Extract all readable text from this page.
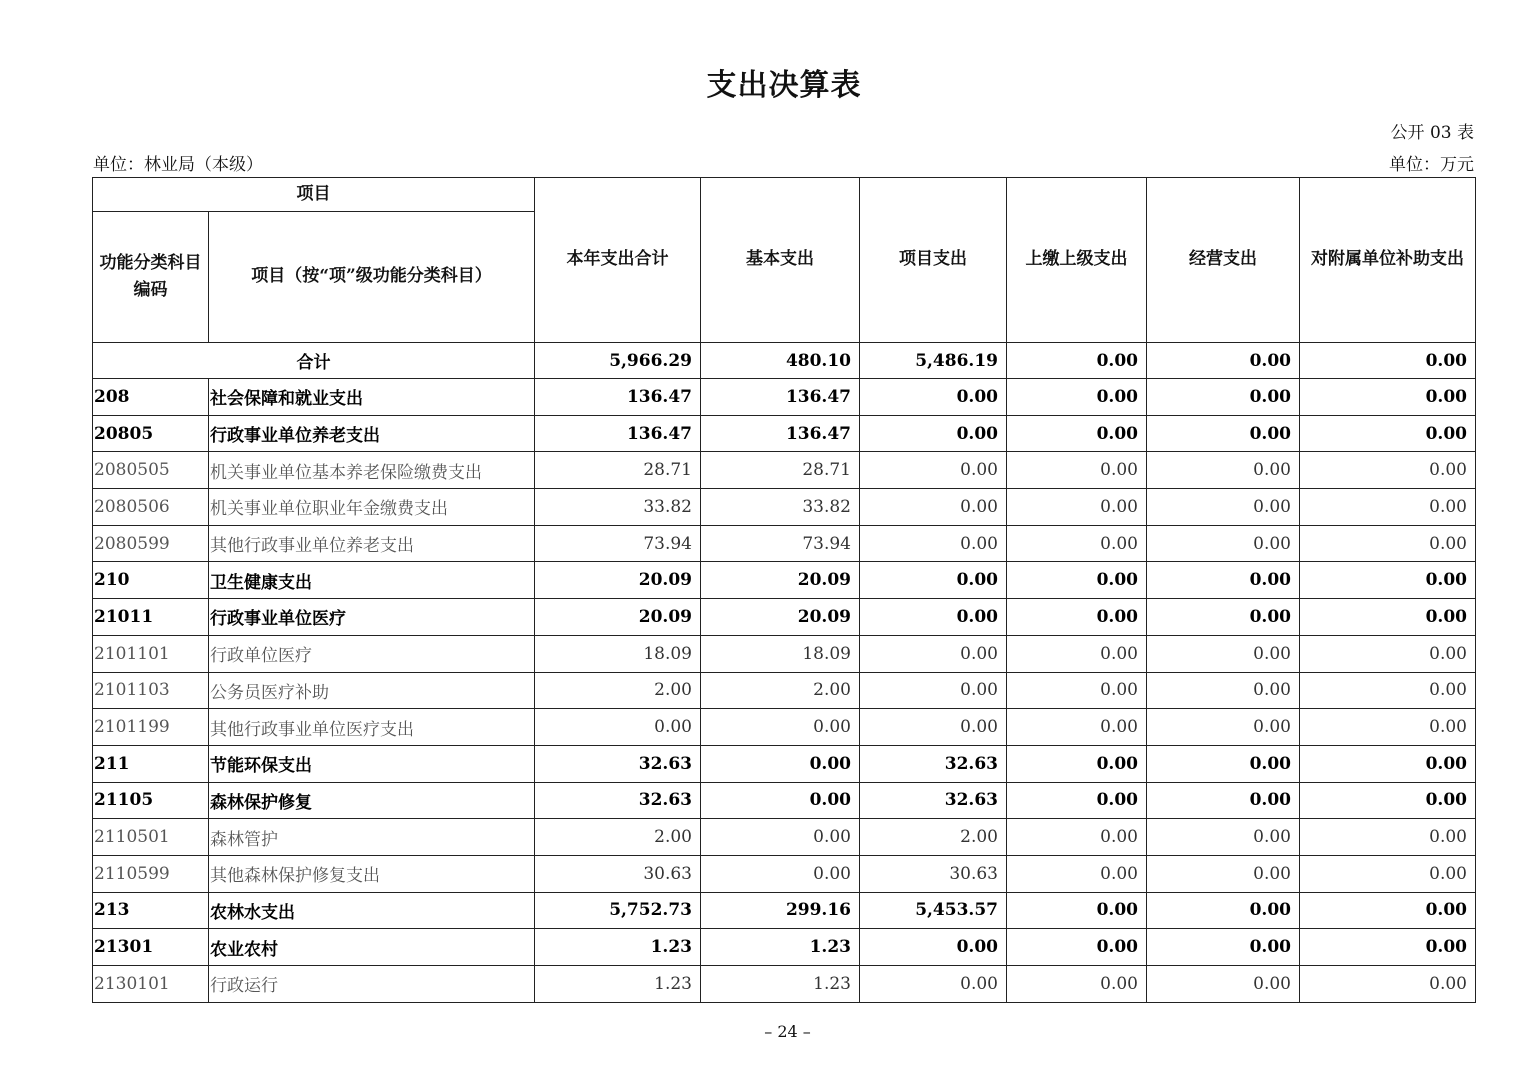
支出决算表
公开 03 表
单位：林业局（本级）	单位：万元
项目		本年支出合计	基本支出	项目支出	上缴上级支出	经营支出	对附属单位补助支出
功能分类科目编码	项目（按“项”级功能分类科目）						
合计		5,966.29	480.10	5,486.19	0.00	0.00	0.00
208	社会保障和就业支出	136.47	136.47	0.00	0.00	0.00	0.00
20805	行政事业单位养老支出	136.47	136.47	0.00	0.00	0.00	0.00
2080505	机关事业单位基本养老保险缴费支出	28.71	28.71	0.00	0.00	0.00	0.00
2080506	机关事业单位职业年金缴费支出	33.82	33.82	0.00	0.00	0.00	0.00
2080599	其他行政事业单位养老支出	73.94	73.94	0.00	0.00	0.00	0.00
210	卫生健康支出	20.09	20.09	0.00	0.00	0.00	0.00
21011	行政事业单位医疗	20.09	20.09	0.00	0.00	0.00	0.00
2101101	行政单位医疗	18.09	18.09	0.00	0.00	0.00	0.00
2101103	公务员医疗补助	2.00	2.00	0.00	0.00	0.00	0.00
2101199	其他行政事业单位医疗支出	0.00	0.00	0.00	0.00	0.00	0.00
211	节能环保支出	32.63	0.00	32.63	0.00	0.00	0.00
21105	森林保护修复	32.63	0.00	32.63	0.00	0.00	0.00
2110501	森林管护	2.00	0.00	2.00	0.00	0.00	0.00
2110599	其他森林保护修复支出	30.63	0.00	30.63	0.00	0.00	0.00
213	农林水支出	5,752.73	299.16	5,453.57	0.00	0.00	0.00
21301	农业农村	1.23	1.23	0.00	0.00	0.00	0.00
2130101	行政运行	1.23	1.23	0.00	0.00	0.00	0.00
– 24 –
